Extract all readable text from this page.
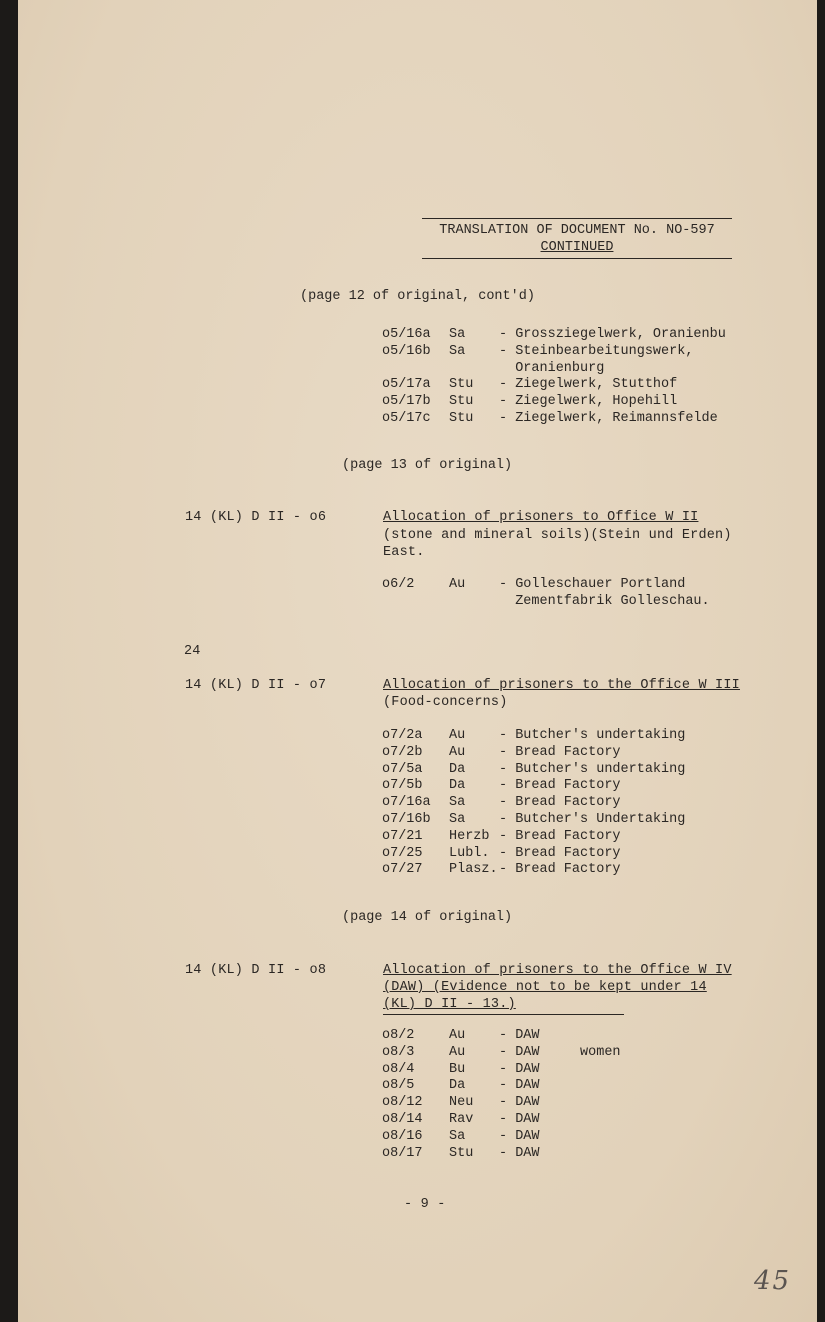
TRANSLATION OF DOCUMENT No. NO-597
CONTINUED
(page 12 of original, cont'd)
o5/16a	Sa	- Grossziegelwerk, Oranienbu
o5/16b	Sa	- Steinbearbeitungswerk,
Oranienburg
o5/17a	Stu	- Ziegelwerk, Stutthof
o5/17b	Stu	- Ziegelwerk, Hopehill
o5/17c	Stu	- Ziegelwerk, Reimannsfelde
(page 13 of original)
14 (KL) D II - o6	Allocation of prisoners to Office W II
(stone and mineral soils)(Stein und Erden)
East.
o6/2	Au	- Golleschauer Portland
Zementfabrik Golleschau.
24
14 (KL) D II - o7	Allocation of prisoners to the Office W III
(Food-concerns)
o7/2a	Au	- Butcher's undertaking
o7/2b	Au	- Bread Factory
o7/5a	Da	- Butcher's undertaking
o7/5b	Da	- Bread Factory
o7/16a	Sa	- Bread Factory
o7/16b	Sa	- Butcher's Undertaking
o7/21	Herzb - Bread Factory
o7/25	Lubl. - Bread Factory
o7/27	Plasz. - Bread Factory
(page 14 of original)
14 (KL) D II - o8	Allocation of prisoners to the Office W IV
(DAW) (Evidence not to be kept under 14
(KL) D II - 13.)
o8/2	Au	- DAW
o8/3	Au	- DAW     women
o8/4	Bu	- DAW
o8/5	Da	- DAW
o8/12	Neu	- DAW
o8/14	Rav	- DAW
o8/16	Sa	- DAW
o8/17	Stu	- DAW
- 9 -
45
